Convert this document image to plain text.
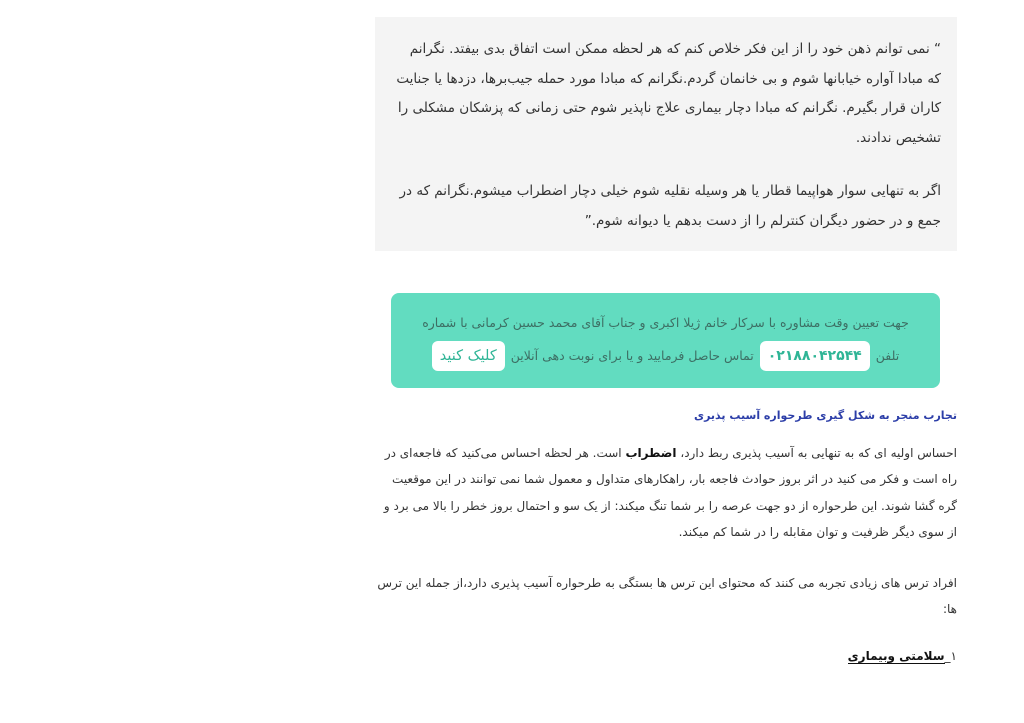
“ نمی توانم ذهن خود را از این فکر خلاص کنم که هر لحظه ممکن است اتفاق بدی بیفتد. نگرانم که مبادا آواره خیابانها شوم و بی خانمان گردم.نگرانم که مبادا مورد حمله جیب‌برها، دزدها یا جنایت کاران قرار بگیرم. نگرانم که مبادا دچار بیماری علاج ناپذیر شوم حتی زمانی که پزشکان مشکلی را تشخیص ندادند.

اگر به تنهایی سوار هواپیما قطار یا هر وسیله نقلیه شوم خیلی دچار اضطراب میشوم.نگرانم که در جمع و در حضور دیگران کنترلم را از دست بدهم یا دیوانه شوم.”

جهت تعیین وقت مشاوره با سرکار خانم ژیلا اکبری و جناب آقای محمد حسین کرمانی با شماره
تلفن
۰۲۱۸۸۰۴۲۵۴۴
تماس حاصل فرمایید و یا برای نوبت دهی آنلاین
کلیک کنید
تجارب منجر به شکل گیری طرحواره آسیب پذیری
احساس اولیه ای که به تنهایی به آسیب پذیری ربط دارد، اضطراب است. هر لحظه احساس می‌کنید که فاجعه‌ای در راه است و فکر می کنید در اثر بروز حوادث فاجعه بار، راهکارهای متداول و معمول شما نمی توانند در این موقعیت گره گشا شوند. این طرحواره از دو جهت عرصه را بر شما تنگ میکند: از یک سو و احتمال بروز خطر را بالا می برد و از سوی دیگر ظرفیت و توان مقابله را در شما کم میکند.
افراد ترس های زیادی تجربه می کنند که محتوای این ترس ها بستگی به طرحواره آسیب پذیری دارد،از جمله این ترس ها:
۱_سلامتی وبیماری
